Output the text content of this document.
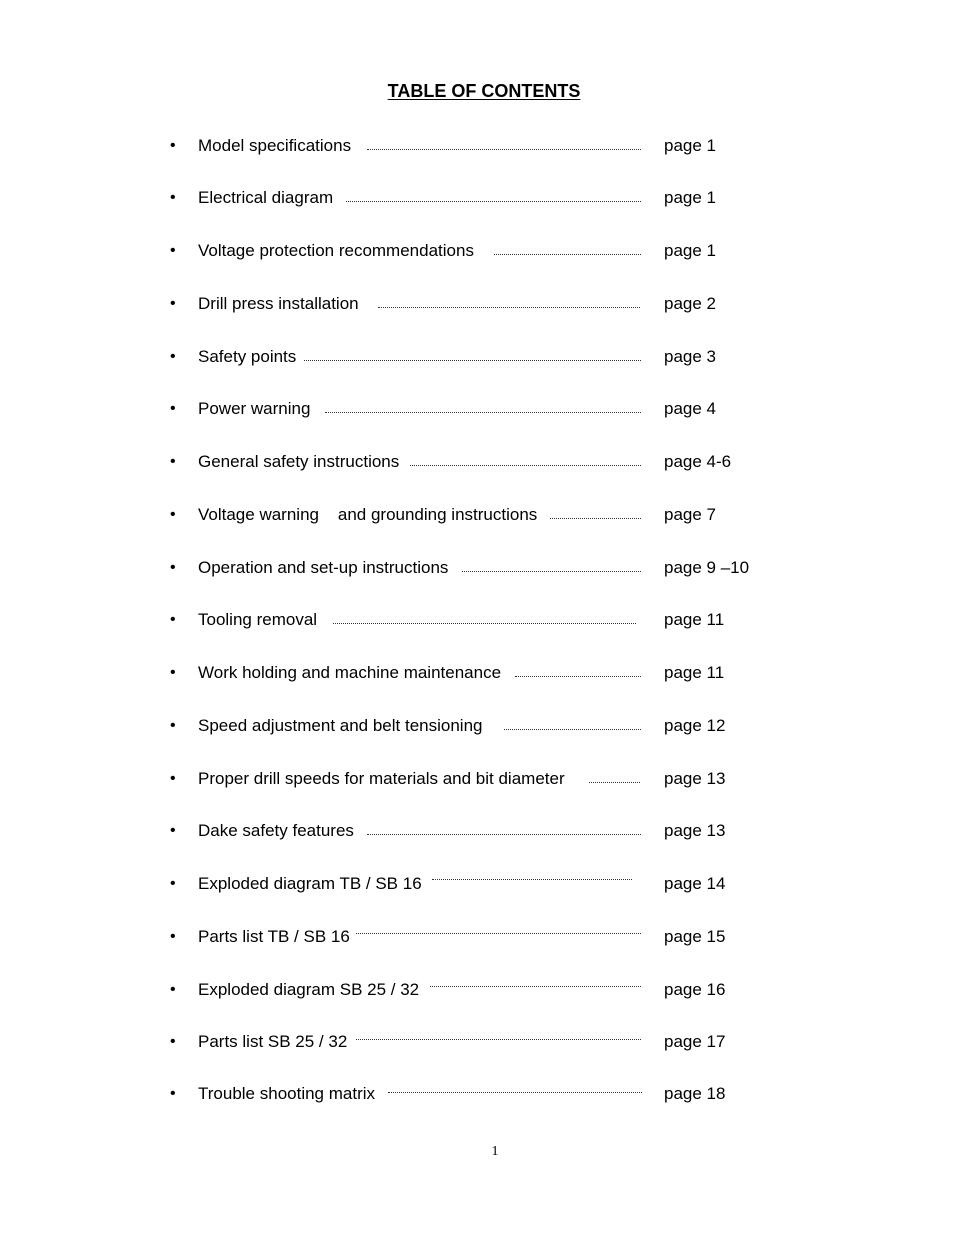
TABLE OF CONTENTS
• Model specifications	page 1
• Electrical diagram	page 1
• Voltage protection recommendations	page 1
• Drill press installation	page 2
• Safety points	page 3
• Power warning	page 4
• General safety instructions	page 4-6
• Voltage warning    and grounding instructions	page 7
• Operation and set-up instructions	page 9 –10
• Tooling removal	page 11
• Work holding and machine maintenance	page 11
• Speed adjustment and belt tensioning	page 12
• Proper drill speeds for materials and bit diameter	page 13
• Dake safety features	page 13
• Exploded diagram TB / SB 16	page 14
• Parts list TB / SB 16	page 15
• Exploded diagram SB 25 / 32	page 16
• Parts list SB 25 / 32	page 17
• Trouble shooting matrix	page 18
1
